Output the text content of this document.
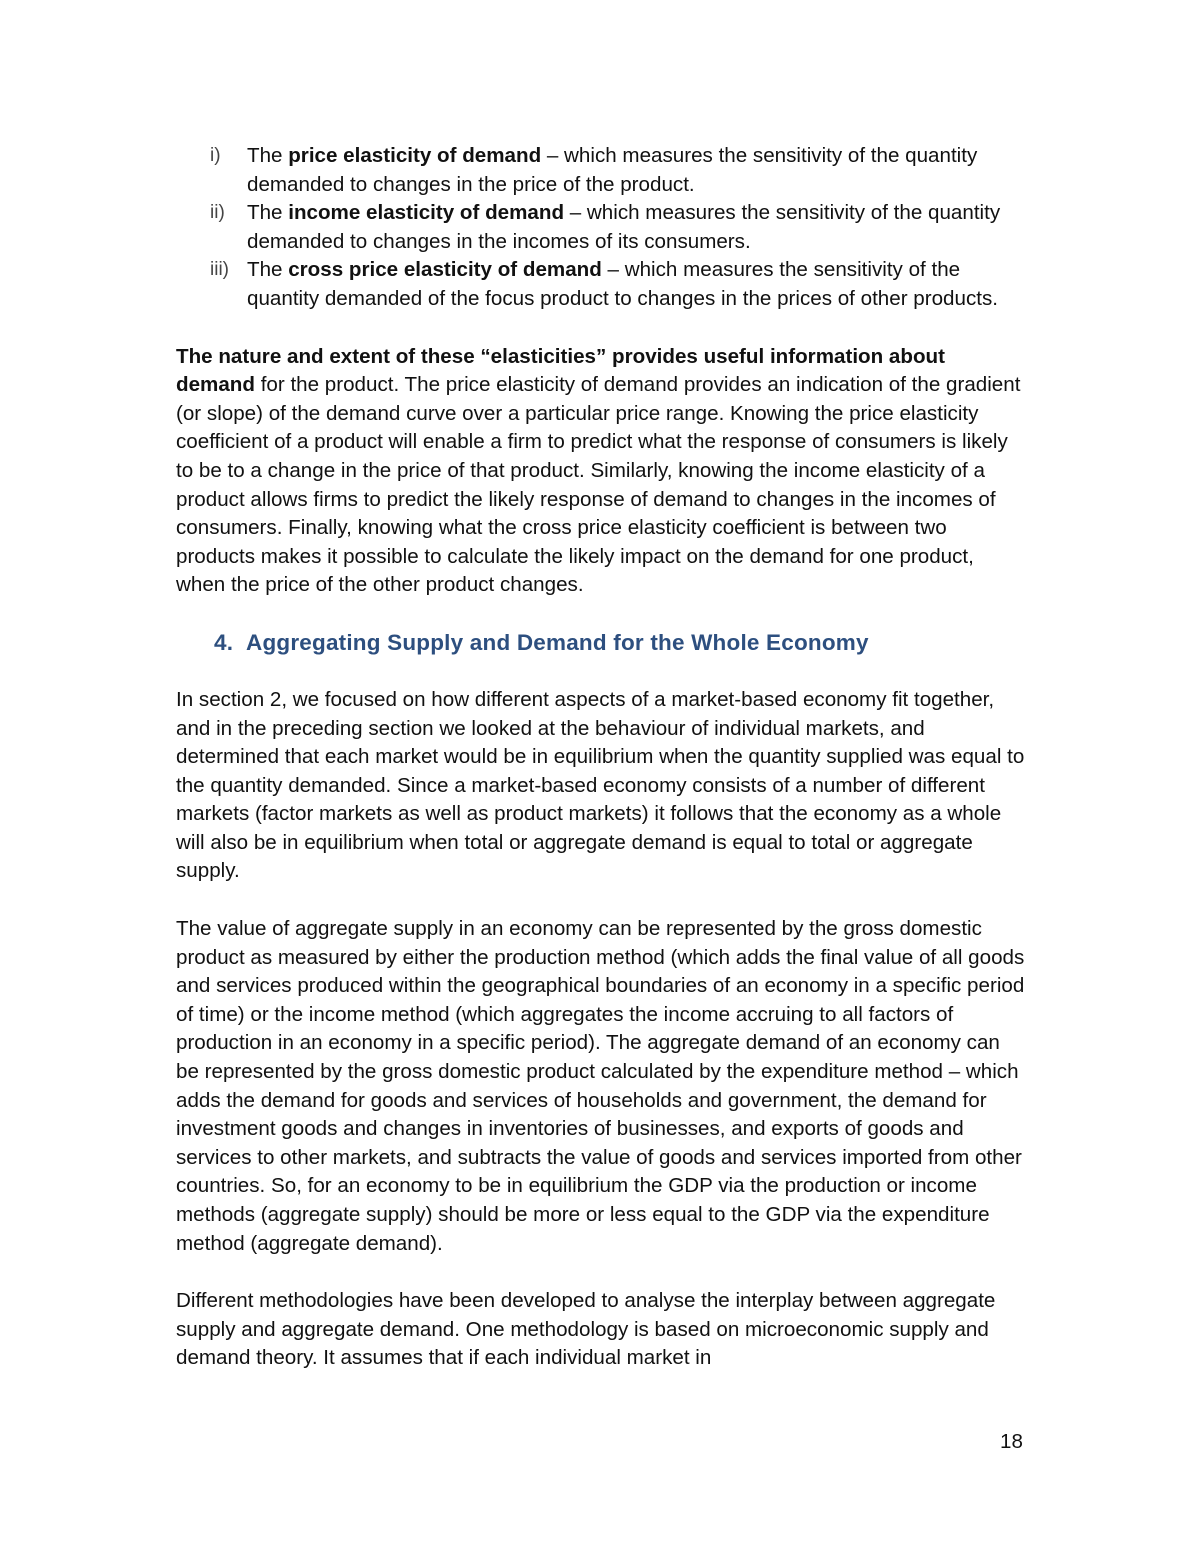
i) The price elasticity of demand – which measures the sensitivity of the quantity demanded to changes in the price of the product.
ii) The income elasticity of demand – which measures the sensitivity of the quantity demanded to changes in the incomes of its consumers.
iii) The cross price elasticity of demand – which measures the sensitivity of the quantity demanded of the focus product to changes in the prices of other products.

The nature and extent of these “elasticities” provides useful information about demand for the product. The price elasticity of demand provides an indication of the gradient (or slope) of the demand curve over a particular price range. Knowing the price elasticity coefficient of a product will enable a firm to predict what the response of consumers is likely to be to a change in the price of that product. Similarly, knowing the income elasticity of a product allows firms to predict the likely response of demand to changes in the incomes of consumers. Finally, knowing what the cross price elasticity coefficient is between two products makes it possible to calculate the likely impact on the demand for one product, when the price of the other product changes.

4. Aggregating Supply and Demand for the Whole Economy

In section 2, we focused on how different aspects of a market-based economy fit together, and in the preceding section we looked at the behaviour of individual markets, and determined that each market would be in equilibrium when the quantity supplied was equal to the quantity demanded. Since a market-based economy consists of a number of different markets (factor markets as well as product markets) it follows that the economy as a whole will also be in equilibrium when total or aggregate demand is equal to total or aggregate supply.

The value of aggregate supply in an economy can be represented by the gross domestic product as measured by either the production method (which adds the final value of all goods and services produced within the geographical boundaries of an economy in a specific period of time) or the income method (which aggregates the income accruing to all factors of production in an economy in a specific period). The aggregate demand of an economy can be represented by the gross domestic product calculated by the expenditure method – which adds the demand for goods and services of households and government, the demand for investment goods and changes in inventories of businesses, and exports of goods and services to other markets, and subtracts the value of goods and services imported from other countries. So, for an economy to be in equilibrium the GDP via the production or income methods (aggregate supply) should be more or less equal to the GDP via the expenditure method (aggregate demand).

Different methodologies have been developed to analyse the interplay between aggregate supply and aggregate demand. One methodology is based on microeconomic supply and demand theory. It assumes that if each individual market in

18
